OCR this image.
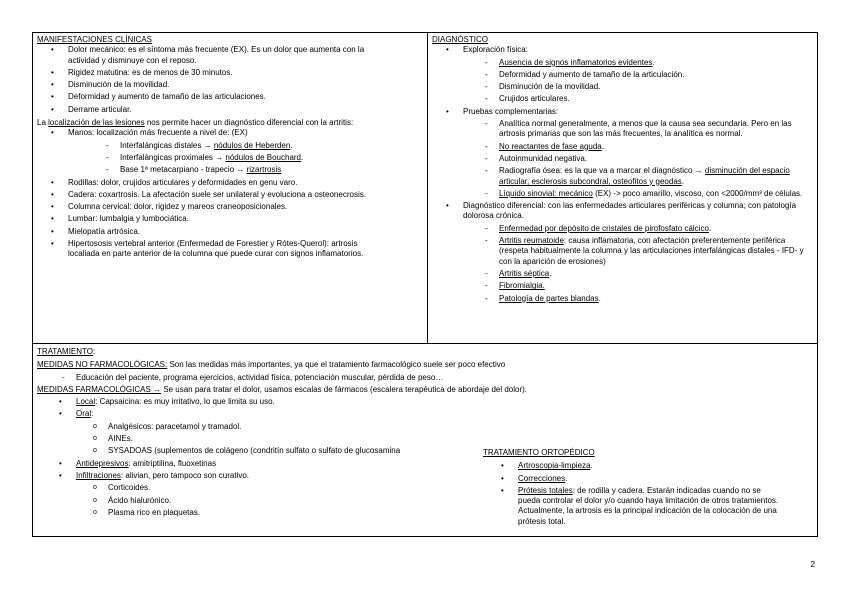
MANIFESTACIONES CLÍNICAS
• Dolor mecánico: es el síntoma más frecuente (EX). Es un dolor que aumenta con la actividad y disminuye con el reposo.
• Rigidez matutina: es de menos de 30 minutos.
• Disminución de la movilidad.
• Deformidad y aumento de tamaño de las articulaciones.
• Derrame articular.
La localización de las lesiones nos permite hacer un diagnóstico diferencial con la artritis:
• Manos: localización más frecuente a nivel de: (EX)
- Interfalángicas distales → nódulos de Heberden.
- Interfalángicas proximales → nódulos de Bouchard.
- Base 1ª metacarpiano - trapecio → rizartrosis
• Rodillas: dolor, crujidos articulares y deformidades en genu varo.
• Cadera: coxartrosis. La afectación suele ser unilateral y evoluciona a osteonecrosis.
• Columna cervical: dolor, rigidez y mareos craneoposicionales.
• Lumbar: lumbalgia y lumbociática.
• Mielopatía artrósica.
• Hipertososis vertebral anterior (Enfermedad de Forestier y Rótes-Querol): artrosis localiada en parte anterior de la columna que puede curar con signos inflamatorios.
DIAGNÓSTICO
• Exploración física:
- Ausencia de signos inflamatorios evidentes.
- Deformidad y aumento de tamaño de la articulación.
- Disminución de la movilidad.
- Crujidos articulares.
• Pruebas complementarias:
- Analítica normal generalmente, a menos que la causa sea secundaria. Pero en las artrosis primarias que son las más frecuentes, la analítica es normal.
- No reactantes de fase aguda.
- Autoinmunidad negativa.
- Radiografía ósea: es la que va a marcar el diagnóstico → disminución del espacio articular, esclerosis subcondral, osteofitos y geodas.
- Líquido sinovial: mecánico (EX) -> poco amarillo, viscoso, con <2000/mm³ de células.
• Diagnóstico diferencial: con las enfermedades articulares periféricas y columna; con patología dolorosa crónica.
- Enfermedad por depósito de cristales de pirofosfato cálcico.
- Artritis reumatoide: causa inflamatoria, con afectación preferentemente periférica (respeta habitualmente la columna y las articulaciones interfalángicas distales - IFD- y con la aparición de erosiones)
- Artritis séptica.
- Fibromialgia.
- Patología de partes blandas.
TRATAMIENTO:
MEDIDAS NO FARMACOLÓGICAS: Son las medidas más importantes, ya que el tratamiento farmacológico suele ser poco efectivo
- Educación del paciente, programa ejercicios, actividad física, potenciación muscular, pérdida de peso…
MEDIDAS FARMACOLÓGICAS → Se usan para tratar el dolor, usamos escalas de fármacos (escalera terapéutica de abordaje del dolor).
• Local: Capsaicina: es muy irritativo, lo que limita su uso.
• Oral:
o Analgésicos: paracetamol y tramadol.
o AINEs.
o SYSADOAS (suplementos de colágeno (condritín sulfato o sulfato de glucosamina
• Antidepresivos: amitriptilina, fluoxetinas
• Infiltraciones: alivian, pero tampoco son curativo.
o Corticoides.
o Ácido hialurónico.
o Plasma rico en plaquetas.
TRATAMIENTO ORTOPÉDICO
• Artroscopia-limpieza.
• Correcciones.
• Prótesis totales: de rodilla y cadera. Estarán indicadas cuando no se pueda controlar el dolor y/o cuando haya limitación de otros tratamientos. Actualmente, la artrosis es la principal indicación de la colocación de una prótesis total.
2
